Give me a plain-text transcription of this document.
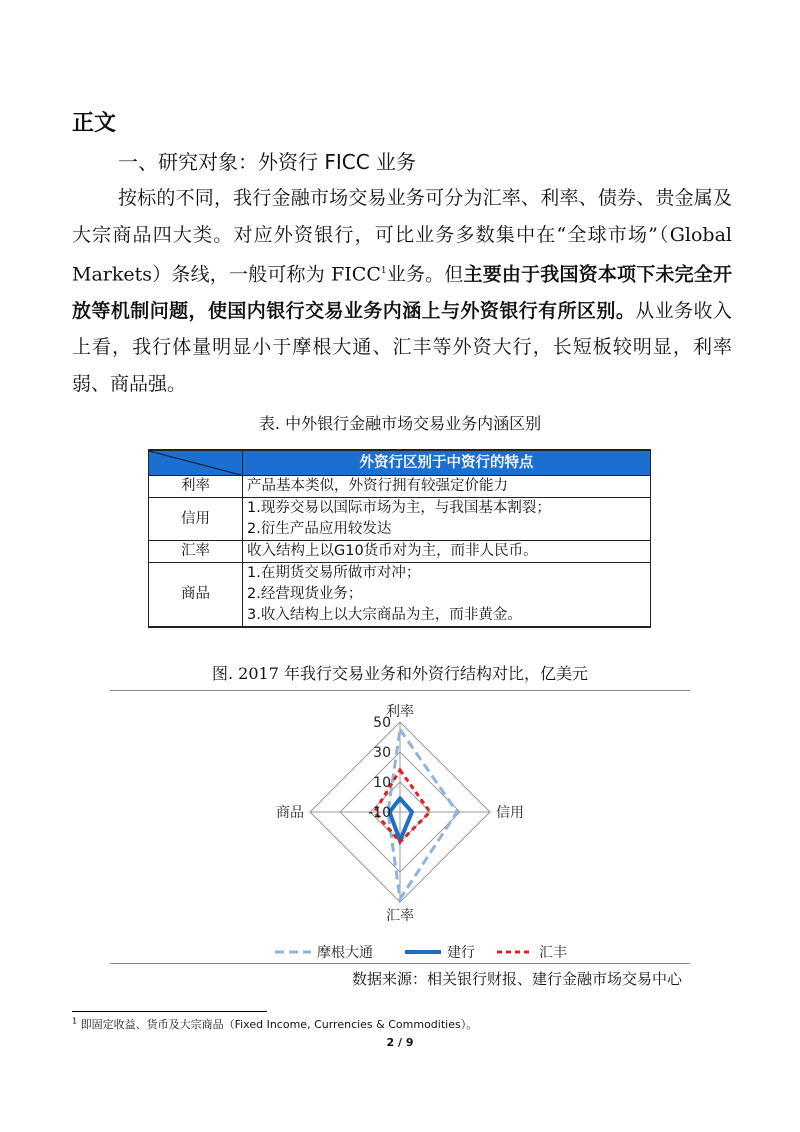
正文
一、研究对象：外资行 FICC 业务
按标的不同，我行金融市场交易业务可分为汇率、利率、债券、贵金属及大宗商品四大类。对应外资银行，可比业务多数集中在“全球市场”（Global Markets）条线，一般可称为 FICC$^1$业务。但主要由于我国资本项下未完全开放等机制问题，使国内银行交易业务内涵上与外资银行有所区别。从业务收入上看，我行体量明显小于摩根大通、汇丰等外资大行，长短板较明显，利率弱、商品强。
表. 中外银行金融市场交易业务内涵区别
	外资行区别于中资行的特点
利率	产品基本类似，外资行拥有较强定价能力

信用	1.现券交易以国际市场为主，与我国基本割裂；
2.衍生产品应用较发达

汇率	收入结构上以G10货币对为主，而非人民币。

商品	1.在期货交易所做市对冲；
2.经营现货业务；
3.收入结构上以大宗商品为主，而非黄金。
图. 2017 年我行交易业务和外资行结构对比，亿美元
50
30
10
-10
利率
信用
汇率
商品
摩根大通	建行	汇丰
数据来源：相关银行财报、建行金融市场交易中心
$^1$ 即固定收益、货币及大宗商品（Fixed Income, Currencies & Commodities）。
2 / 9
